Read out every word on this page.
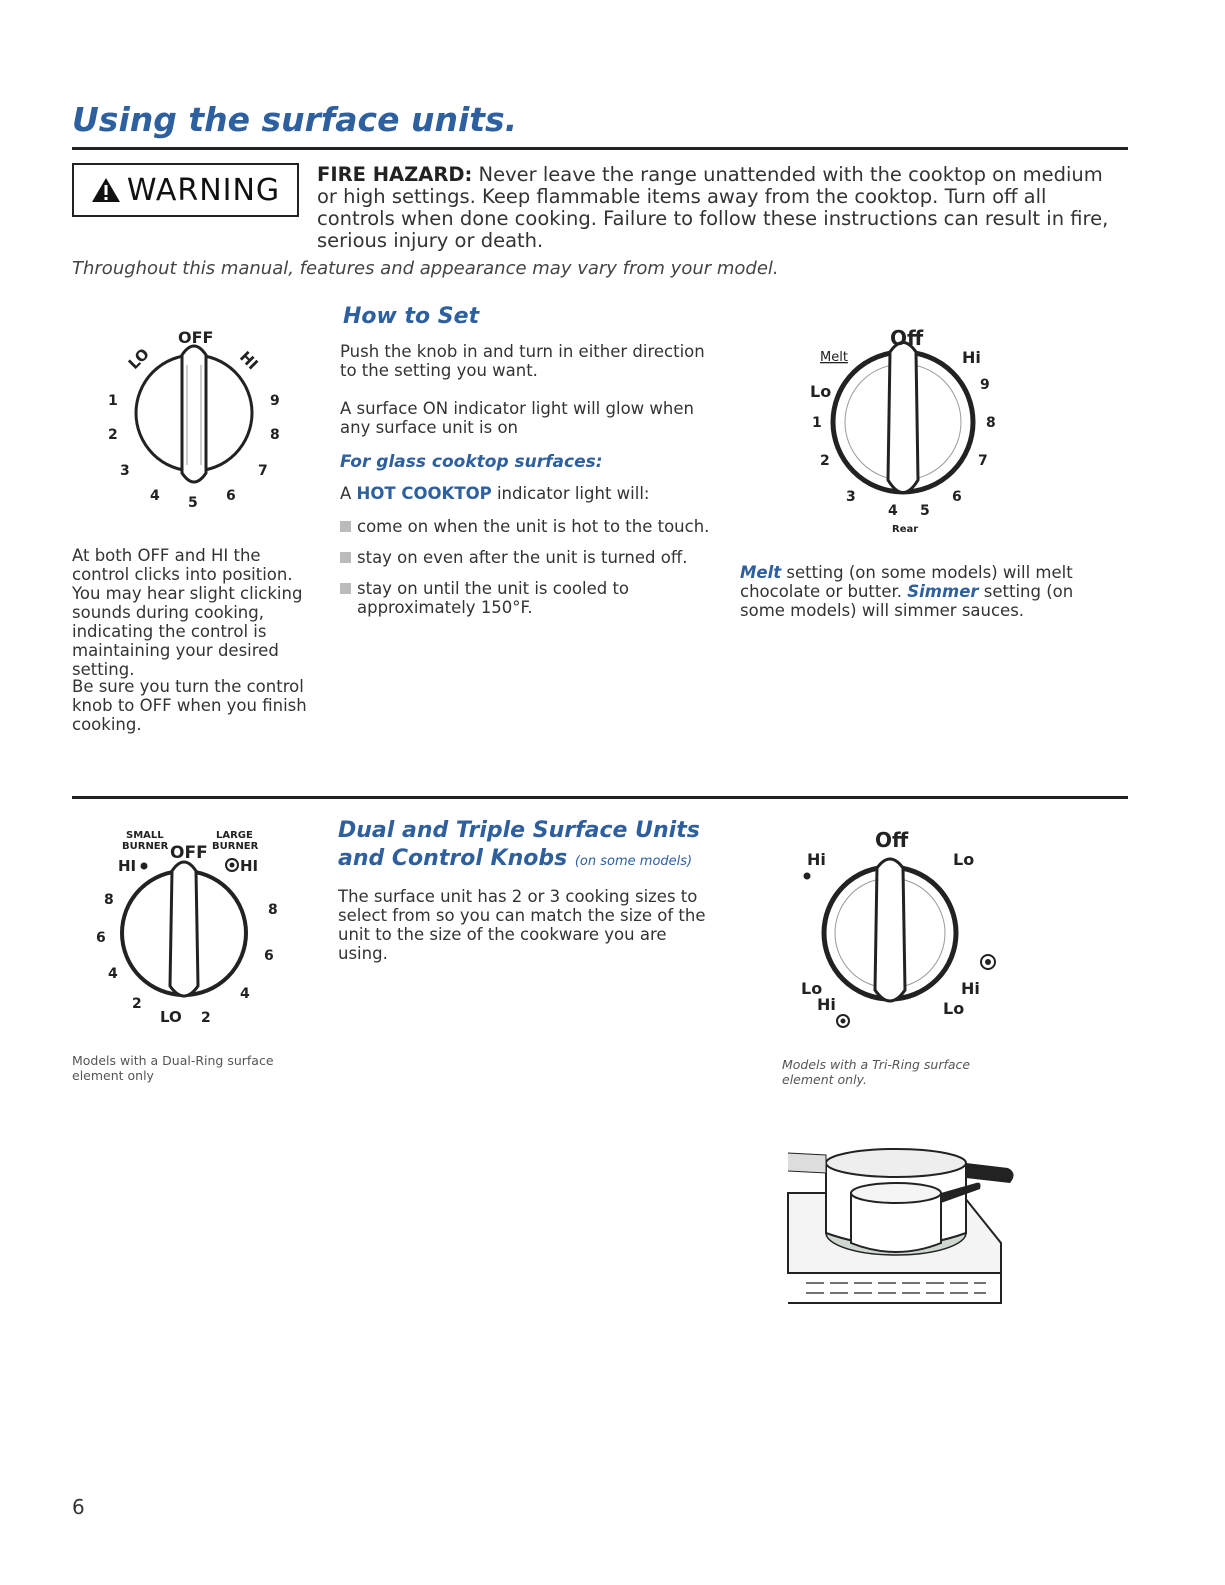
Using the surface units.
WARNING FIRE HAZARD: Never leave the range unattended with the cooktop on medium or high settings. Keep flammable items away from the cooktop. Turn off all controls when done cooking. Failure to follow these instructions can result in fire, serious injury or death.
Throughout this manual, features and appearance may vary from your model.
OFF
LO	HI
1
2
3
4 5 6
7
8
9
At both OFF and HI the control clicks into position. You may hear slight clicking sounds during cooking, indicating the control is maintaining your desired setting.
Be sure you turn the control knob to OFF when you finish cooking.
How to Set
Push the knob in and turn in either direction to the setting you want.
A surface ON indicator light will glow when any surface unit is on
For glass cooktop surfaces:
A HOT COOKTOP indicator light will:
come on when the unit is hot to the touch.
stay on even after the unit is turned off.
stay on until the unit is cooled to approximately 150°F.
Off
Melt	Hi
Lo
1
2
3
4 5
6
7
8
9
Rear
Melt setting (on some models) will melt chocolate or butter. Simmer setting (on some models) will simmer sauces.
SMALL
BURNER
LARGE
BURNER
OFF
HI	HI
8
6
4
2
LO 2
4
6
8
Models with a Dual-Ring surface element only
Dual and Triple Surface Units
and Control Knobs (on some models)
The surface unit has 2 or 3 cooking sizes to select from so you can match the size of the unit to the size of the cookware you are using.
Off
Hi	Lo
Lo
Hi
Hi
Lo
Models with a Tri-Ring surface element only.
6
